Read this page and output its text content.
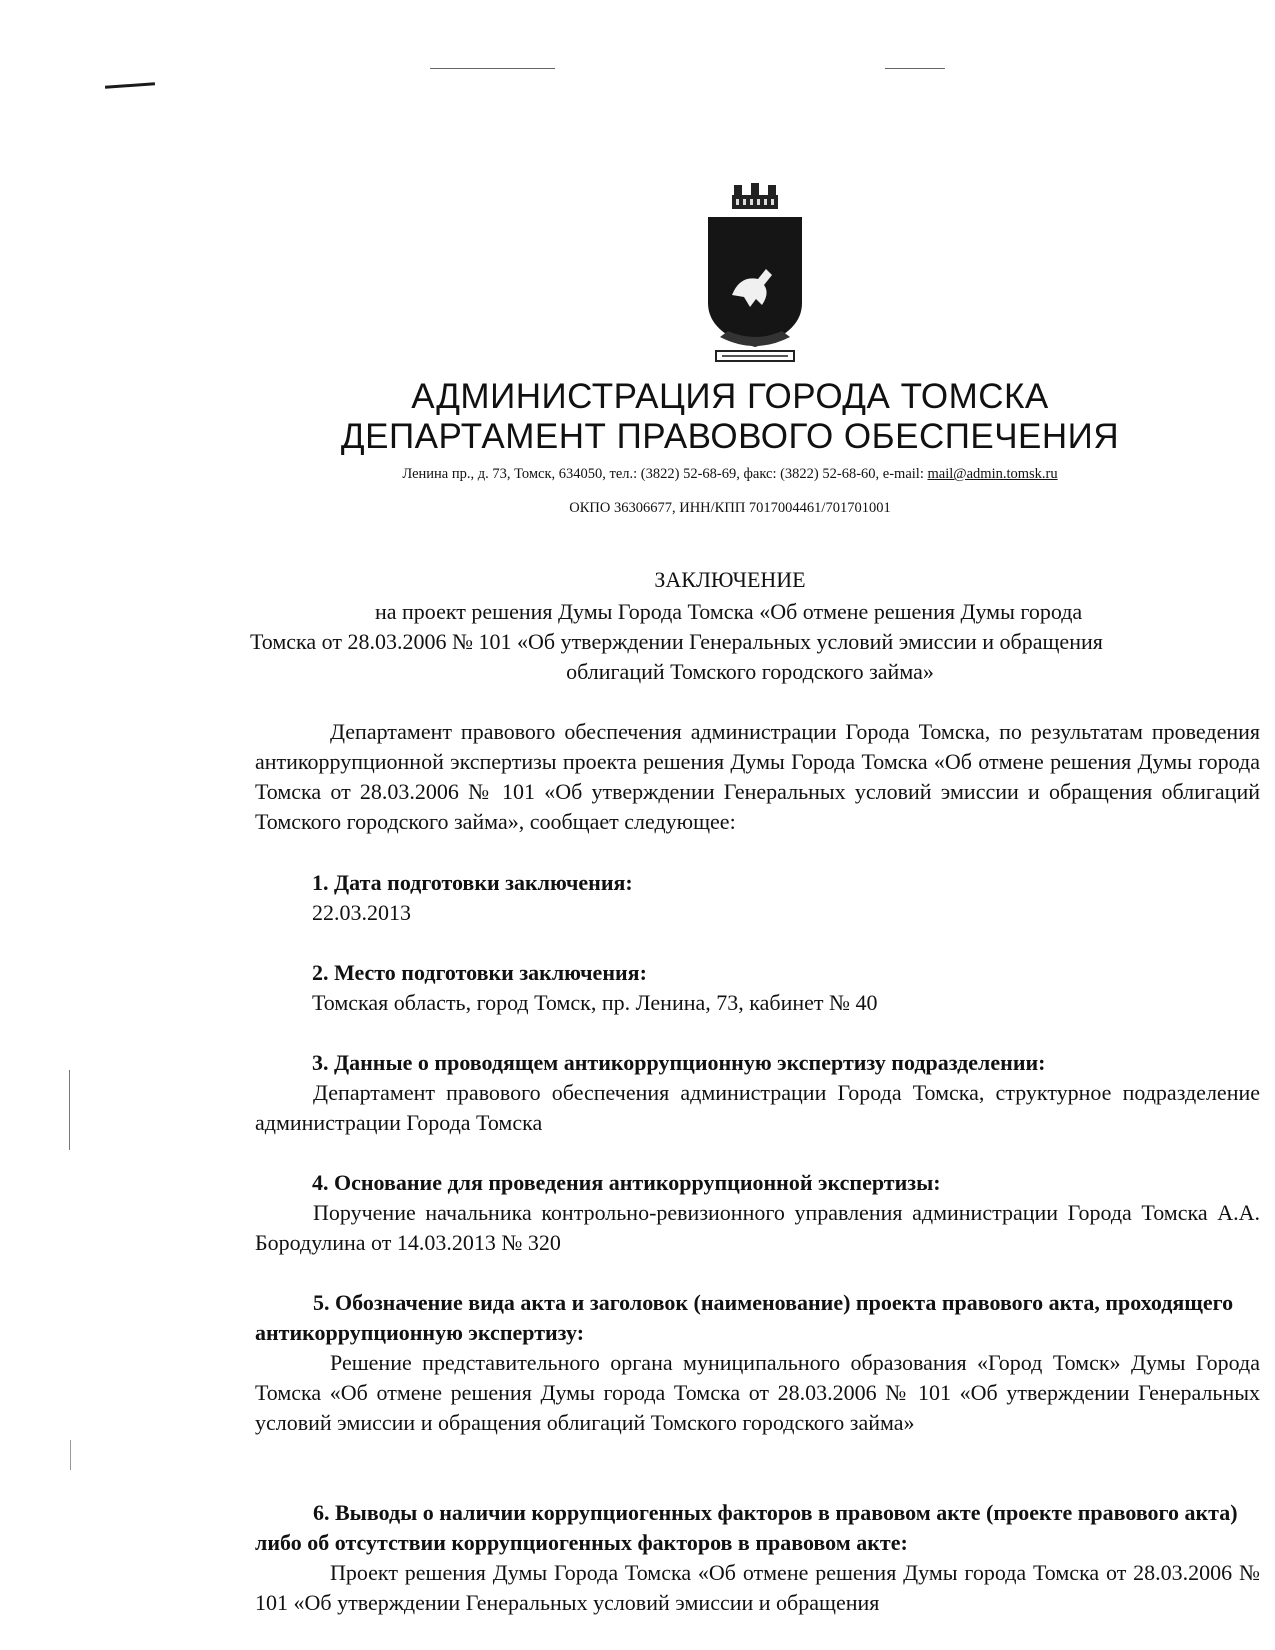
АДМИНИСТРАЦИЯ ГОРОДА ТОМСКА
ДЕПАРТАМЕНТ ПРАВОВОГО ОБЕСПЕЧЕНИЯ
Ленина пр., д. 73, Томск, 634050, тел.: (3822) 52-68-69, факс: (3822) 52-68-60, e-mail: mail@admin.tomsk.ru
ОКПО 36306677, ИНН/КПП 7017004461/701701001
ЗАКЛЮЧЕНИЕ
на проект решения Думы Города Томска «Об отмене решения Думы города
Томска от 28.03.2006 № 101 «Об утверждении Генеральных условий эмиссии и обращения
облигаций Томского городского займа»
Департамент правового обеспечения администрации Города Томска, по результатам проведения антикоррупционной экспертизы проекта решения Думы Города Томска «Об отмене решения Думы города Томска от 28.03.2006 № 101 «Об утверждении Генеральных условий эмиссии и обращения облигаций Томского городского займа», сообщает следующее:
1. Дата подготовки заключения:
22.03.2013
2. Место подготовки заключения:
Томская область, город Томск, пр. Ленина, 73, кабинет № 40
3. Данные о проводящем антикоррупционную экспертизу подразделении:
Департамент правового обеспечения администрации Города Томска, структурное подразделение администрации Города Томска
4. Основание для проведения антикоррупционной экспертизы:
Поручение начальника контрольно-ревизионного управления администрации Города Томска А.А. Бородулина от 14.03.2013 № 320
5. Обозначение вида акта и заголовок (наименование) проекта правового акта, проходящего антикоррупционную экспертизу:
Решение представительного органа муниципального образования «Город Томск» Думы Города Томска «Об отмене решения Думы города Томска от 28.03.2006 № 101 «Об утверждении Генеральных условий эмиссии и обращения облигаций Томского городского займа»
6. Выводы о наличии коррупциогенных факторов в правовом акте (проекте правового акта) либо об отсутствии коррупциогенных факторов в правовом акте:
Проект решения Думы Города Томска «Об отмене решения Думы города Томска от 28.03.2006 № 101 «Об утверждении Генеральных условий эмиссии и обращения
